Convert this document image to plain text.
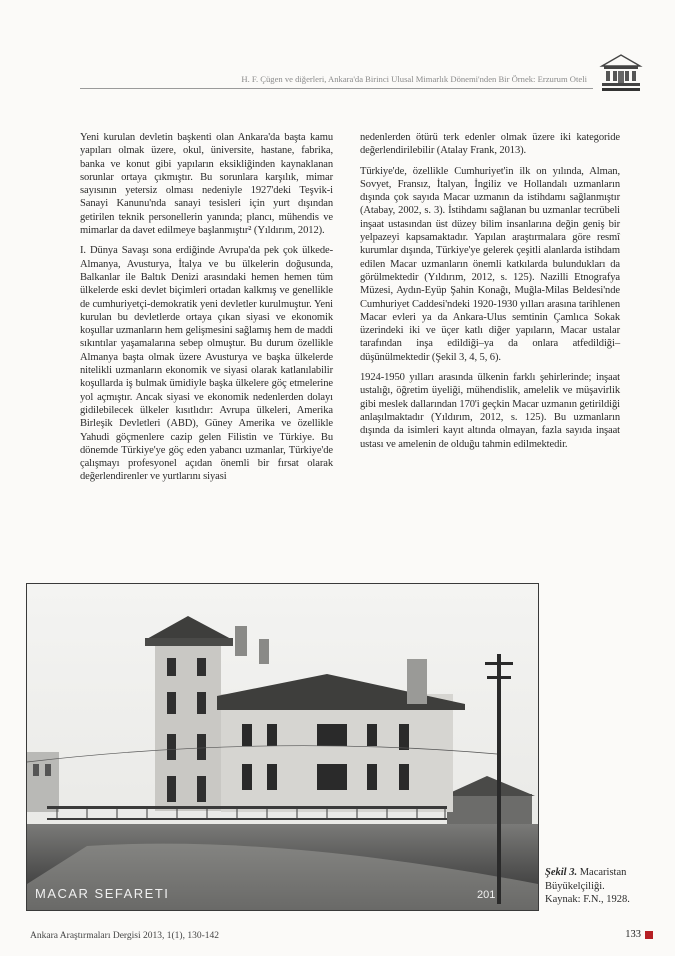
H. F. Çügen ve diğerleri, Ankara'da Birinci Ulusal Mimarlık Dönemi'nden Bir Örnek: Erzurum Oteli

Yeni kurulan devletin başkenti olan Ankara'da başta kamu yapıları olmak üzere, okul, üniversite, hastane, fabrika, banka ve konut gibi yapıların eksikliğinden kaynaklanan sorunlar ortaya çıkmıştır. Bu sorunlara karşılık, mimar sayısının yetersiz olması nedeniyle 1927'deki Teşvik-i Sanayi Kanunu'nda sanayi tesisleri için yurt dışından getirilen teknik personellerin yanında; plancı, mühendis ve mimarlar da davet edilmeye başlanmıştır² (Yıldırım, 2012).

I. Dünya Savaşı sona erdiğinde Avrupa'da pek çok ülkede-Almanya, Avusturya, İtalya ve bu ülkelerin doğusunda, Balkanlar ile Baltık Denizi arasındaki hemen hemen tüm ülkelerde eski devlet biçimleri ortadan kalkmış ve genellikle de cumhuriyetçi-demokratik yeni devletler kurulmuştur. Yeni kurulan bu devletlerde ortaya çıkan siyasi ve ekonomik koşullar uzmanların hem gelişmesini sağlamış hem de maddi sıkıntılar yaşamalarına sebep olmuştur. Bu durum özellikle Almanya başta olmak üzere Avusturya ve başka ülkelerde nitelikli uzmanların ekonomik ve siyasi olarak katlanılabilir koşullarda iş bulmak ümidiyle başka ülkelere göç etmelerine yol açmıştır. Ancak siyasi ve ekonomik nedenlerden dolayı gidilebilecek ülkeler kısıtlıdır: Avrupa ülkeleri, Amerika Birleşik Devletleri (ABD), Güney Amerika ve özellikle Yahudi göçmenlere cazip gelen Filistin ve Türkiye. Bu dönemde Türkiye'ye göç eden yabancı uzmanlar, Türkiye'de çalışmayı profesyonel açıdan önemli bir fırsat olarak değerlendirenler ve yurtlarını siyasi

nedenlerden ötürü terk edenler olmak üzere iki kategoride değerlendirilebilir (Atalay Frank, 2013).

Türkiye'de, özellikle Cumhuriyet'in ilk on yılında, Alman, Sovyet, Fransız, İtalyan, İngiliz ve Hollandalı uzmanların dışında çok sayıda Macar uzmanın da istihdamı sağlanmıştır (Atabay, 2002, s. 3). İstihdamı sağlanan bu uzmanlar tecrübeli inşaat ustasından üst düzey bilim insanlarına değin geniş bir yelpazeyi kapsamaktadır. Yapılan araştırmalara göre resmî kurumlar dışında, Türkiye'ye gelerek çeşitli alanlarda istihdam edilen Macar uzmanların önemli katkılarda bulundukları da görülmektedir (Yıldırım, 2012, s. 125). Nazilli Etnografya Müzesi, Aydın-Eyüp Şahin Konağı, Muğla-Milas Beldesi'nde Cumhuriyet Caddesi'ndeki 1920-1930 yılları arasına tarihlenen Macar evleri ya da Ankara-Ulus semtinin Çamlıca Sokak üzerindeki iki ve üçer katlı diğer yapıların, Macar ustalar tarafından inşa edildiği–ya da onlara atfedildiği–düşünülmektedir (Şekil 3, 4, 5, 6).

1924-1950 yılları arasında ülkenin farklı şehirlerinde; inşaat ustalığı, öğretim üyeliği, mühendislik, amelelik ve müşavirlik gibi meslek dallarından 170'i geçkin Macar uzmanın getirildiği anlaşılmaktadır (Yıldırım, 2012, s. 125). Bu uzmanların dışında da isimleri kayıt altında olmayan, fazla sayıda inşaat ustası ve amelenin de olduğu tahmin edilmektedir.

MACAR SEFARETI	201
Şekil 3. Macaristan Büyükelçiliği.
Kaynak: F.N., 1928.
Ankara Araştırmaları Dergisi 2013, 1(1), 130-142	133
